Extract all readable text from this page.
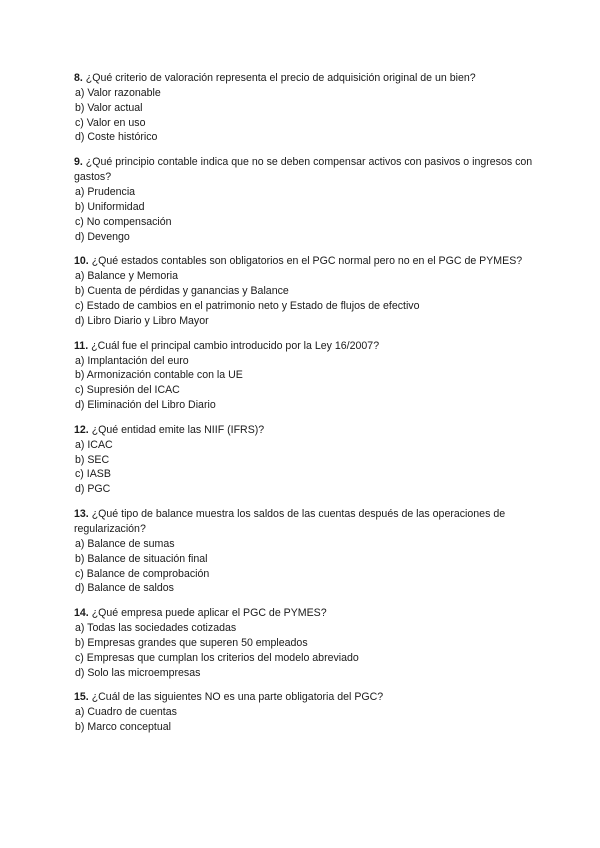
8. ¿Qué criterio de valoración representa el precio de adquisición original de un bien?

a) Valor razonable
b) Valor actual
c) Valor en uso
d) Coste histórico

9. ¿Qué principio contable indica que no se deben compensar activos con pasivos o ingresos con gastos?

a) Prudencia
b) Uniformidad
c) No compensación
d) Devengo

10. ¿Qué estados contables son obligatorios en el PGC normal pero no en el PGC de PYMES?

a) Balance y Memoria
b) Cuenta de pérdidas y ganancias y Balance
c) Estado de cambios en el patrimonio neto y Estado de flujos de efectivo
d) Libro Diario y Libro Mayor

11. ¿Cuál fue el principal cambio introducido por la Ley 16/2007?

a) Implantación del euro
b) Armonización contable con la UE
c) Supresión del ICAC
d) Eliminación del Libro Diario

12. ¿Qué entidad emite las NIIF (IFRS)?

a) ICAC
b) SEC
c) IASB
d) PGC

13. ¿Qué tipo de balance muestra los saldos de las cuentas después de las operaciones de regularización?

a) Balance de sumas
b) Balance de situación final
c) Balance de comprobación
d) Balance de saldos

14. ¿Qué empresa puede aplicar el PGC de PYMES?

a) Todas las sociedades cotizadas
b) Empresas grandes que superen 50 empleados
c) Empresas que cumplan los criterios del modelo abreviado
d) Solo las microempresas

15. ¿Cuál de las siguientes NO es una parte obligatoria del PGC?

a) Cuadro de cuentas
b) Marco conceptual
